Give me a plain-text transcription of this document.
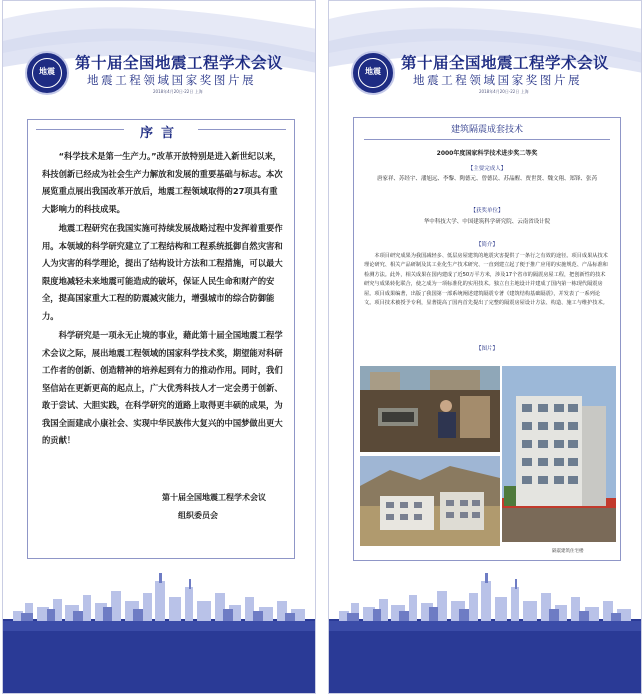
地震	第十届全国地震工程学术会议
地震工程领域国家奖图片展
2018年4月20日-22日 上海
序言

“科学技术是第一生产力。”改革开放特别是进入新世纪以来，科技创新已经成为社会生产力解放和发展的重要基础与标志。本次展览重点展出我国改革开放后，地震工程领域取得的27项具有重大影响力的科技成果。

地震工程研究在我国实施可持续发展战略过程中发挥着重要作用。本领域的科学研究建立了工程结构和工程系统抵御自然灾害和人为灾害的科学理论，提出了结构设计方法和工程措施，可以最大限度地减轻未来地震可能造成的破坏，保证人民生命和财产的安全，提高国家重大工程的防震减灾能力，增强城市的综合防御能力。

科学研究是一项永无止境的事业，藉此第十届全国地震工程学术会议之际，展出地震工程领域的国家科学技术奖，期望能对科研工作者的创新、创造精神的培养起到有力的推动作用。同时，我们坚信站在更新更高的起点上，广大优秀科技人才一定会勇于创新、敢于尝试、大胆实践，在科学研究的道路上取得更丰硕的成果，为我国全面建成小康社会、实现中华民族伟大复兴的中国梦做出更大的贡献！

第十届全国地震工程学术会议
组织委员会
地震	第十届全国地震工程学术会议
地震工程领域国家奖图片展
2018年4月20日-22日 上海
建筑隔震成套技术
2000年度国家科学技术进步奖二等奖
【主要完成人】
唐家祥、苏经宇、潘旭远、李黎、陶德元、曾德民、苏晶醒、贾世贤、魏文翔、郑锋、张芮
【获奖单位】
华中科技大学、中国建筑科学研究院、云南省设计院
【简介】
本项目研究成果为我国减轻多、低层房屋建筑的地震灾害提供了一条行之有效的途径。项目成果从技术理论研究、相关产品研制及其工业化生产技术研究、一直到建立起了便于推广应用的实施规范、产品标准和检测方法。此外，相关成果在国内建成了近50万平方米，涉及17个省市的隔震房屋工程，把创新性的技术研究与成果转化联合，使之成为一项标准化的实用技术。独立自主地设计并建成了国内第一栋现代隔震房屋。项目成果编著，出版了我国第一部系统阐述建筑隔震专著《建筑结构基础隔震》，并发表了一系列论文。项目技术被授予专利，显著提高了国内首先提出了完整的隔震房屋设计方法、构造、施工与维护技术。
【图片】
隔震建筑住宅楼
